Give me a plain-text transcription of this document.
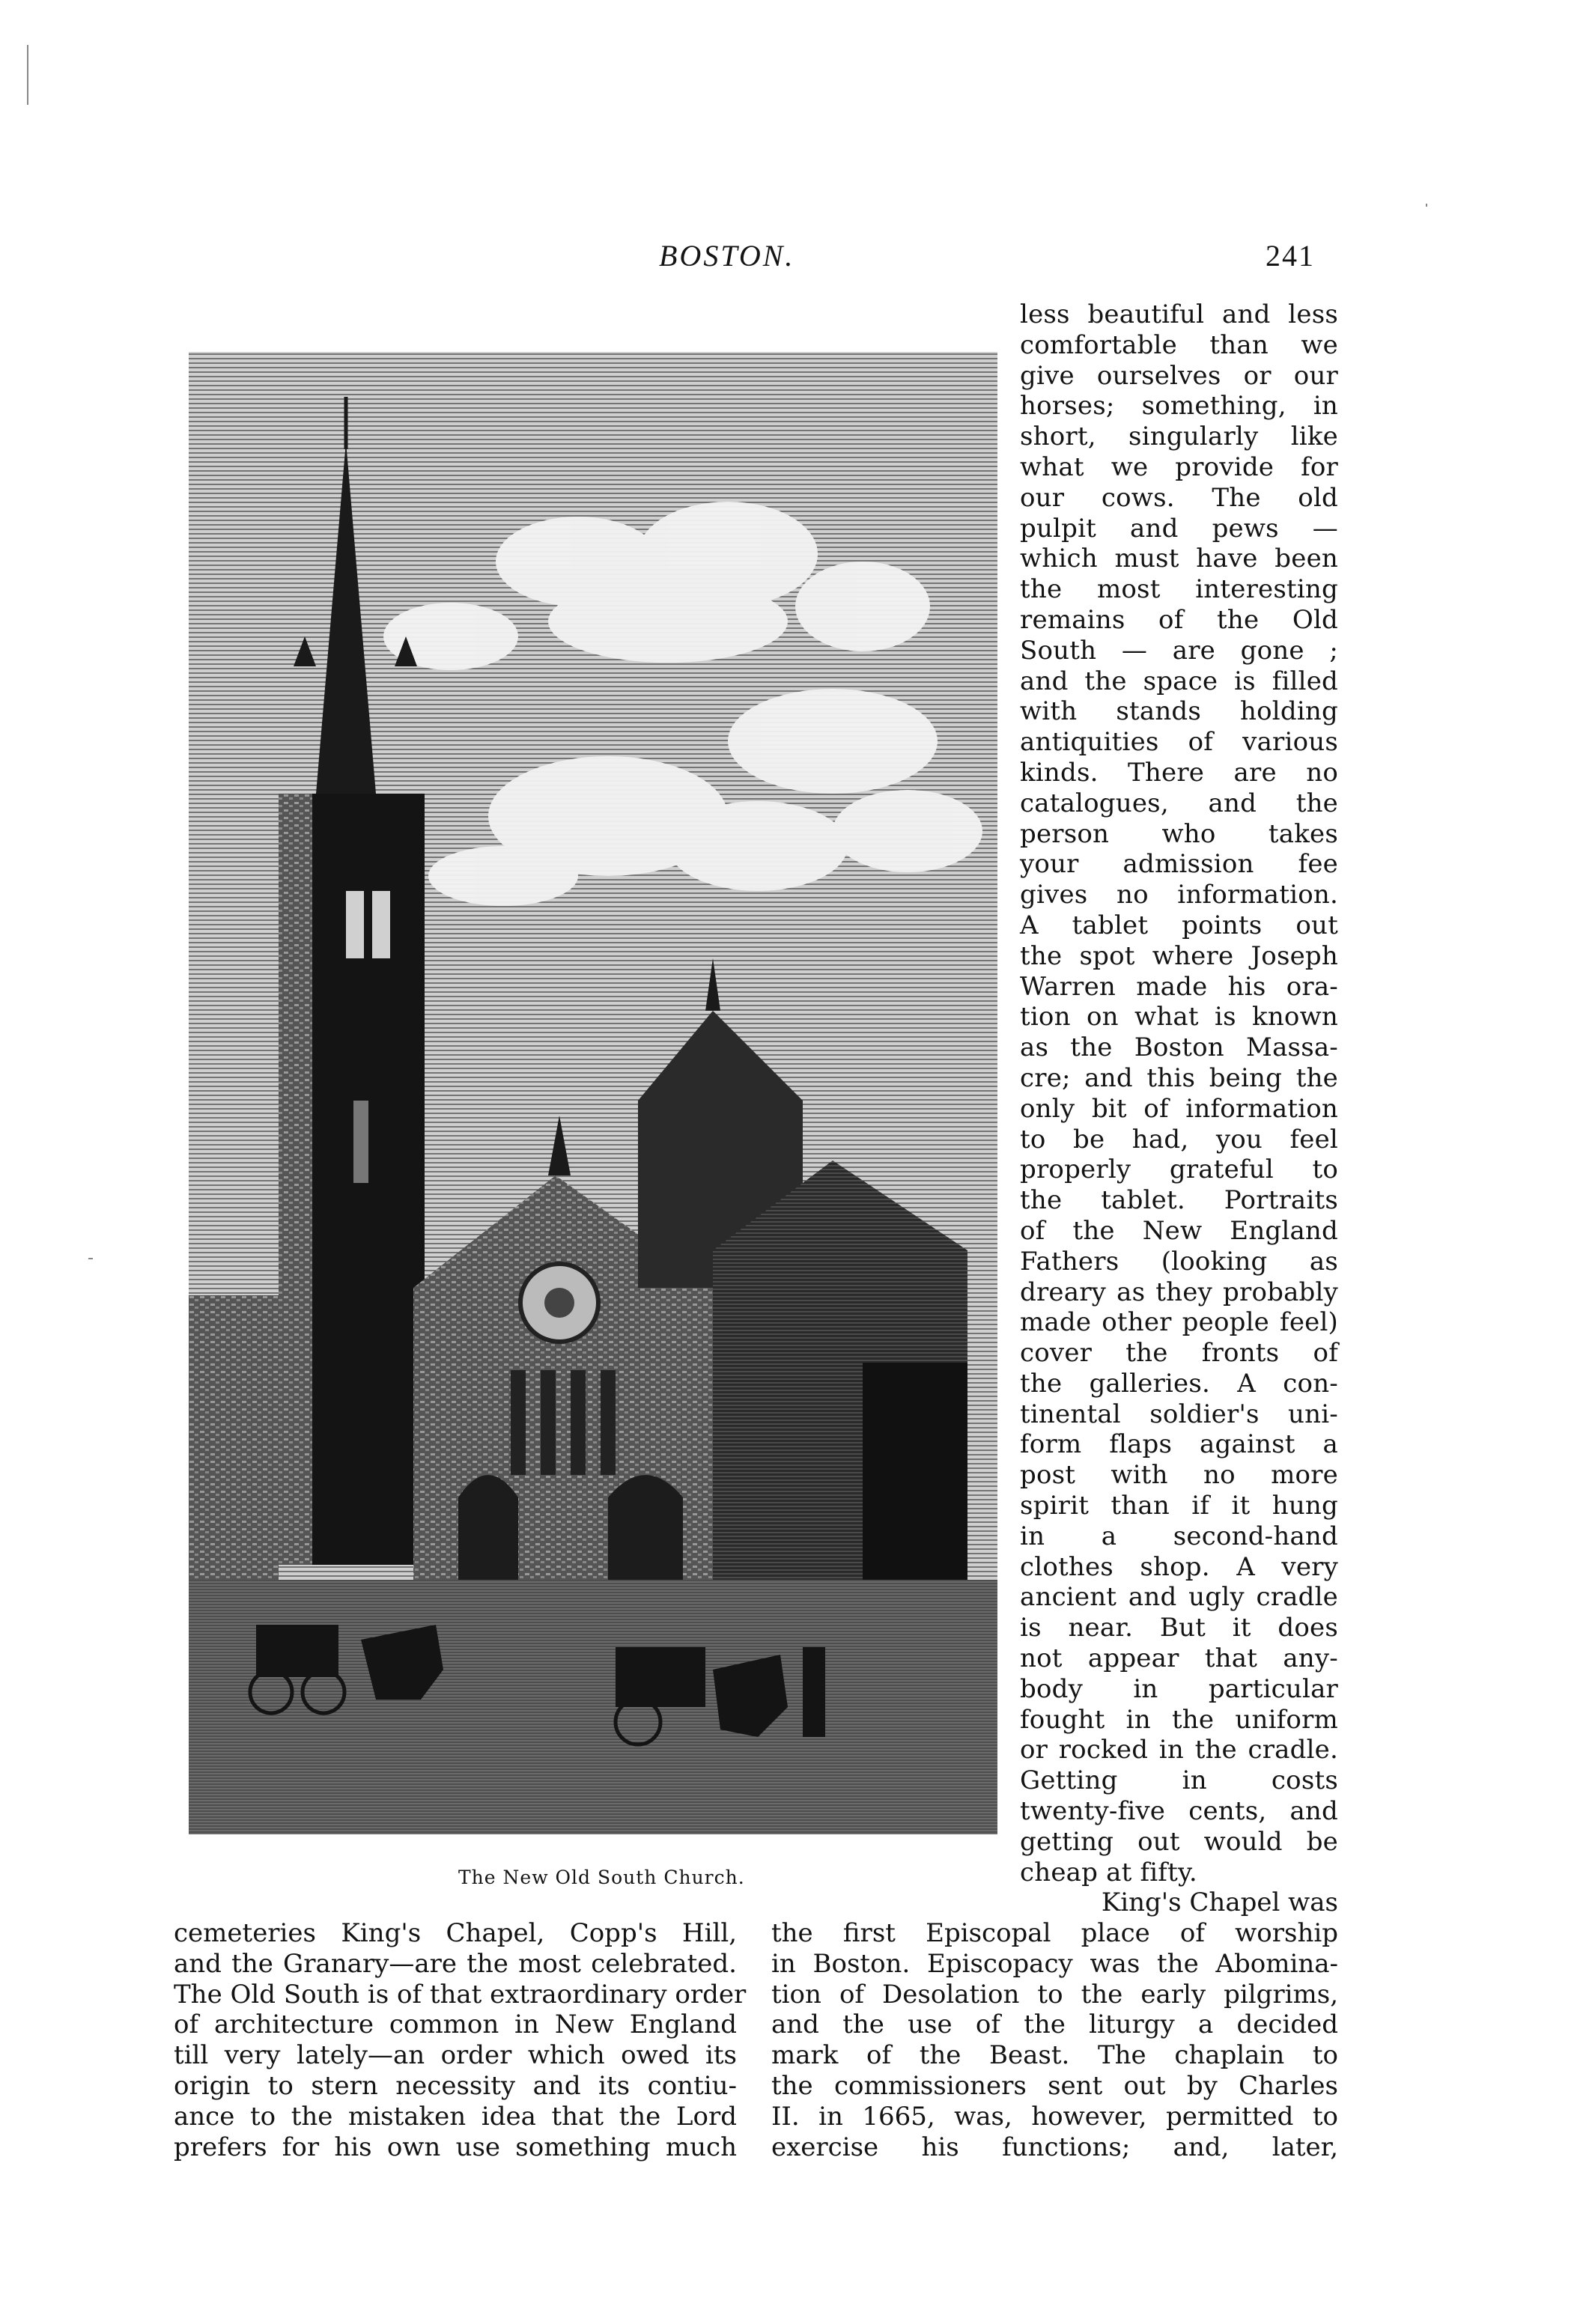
BOSTON.	241
The New Old South Church.
less beautiful and less
comfortable than we
give ourselves or our
horses; something, in
short, singularly like
what we provide for
our cows. The old
pulpit and pews —
which must have been
the most interesting
remains of the Old
South — are gone ;
and the space is filled
with stands holding
antiquities of various
kinds. There are no
catalogues, and the
person who takes
your admission fee
gives no information.
A tablet points out
the spot where Joseph
Warren made his ora-
tion on what is known
as the Boston Massa-
cre; and this being the
only bit of information
to be had, you feel
properly grateful to
the tablet. Portraits
of the New England
Fathers (looking as
dreary as they probably
made other people feel)
cover the fronts of
the galleries. A con-
tinental soldier's uni-
form flaps against a
post with no more
spirit than if it hung
in a second-hand
clothes shop. A very
ancient and ugly cradle
is near. But it does
not appear that any-
body in particular
fought in the uniform
or rocked in the cradle.
Getting in costs
twenty-five cents, and
getting out would be
cheap at fifty.
King's Chapel was
cemeteries King's Chapel, Copp's Hill,
and the Granary—are the most celebrated.
The Old South is of that extraordinary order
of architecture common in New England
till very lately—an order which owed its
origin to stern necessity and its contiu-
ance to the mistaken idea that the Lord
prefers for his own use something much
the first Episcopal place of worship
in Boston. Episcopacy was the Abomina-
tion of Desolation to the early pilgrims,
and the use of the liturgy a decided
mark of the Beast. The chaplain to
the commissioners sent out by Charles
II. in 1665, was, however, permitted to
exercise his functions; and, later,
